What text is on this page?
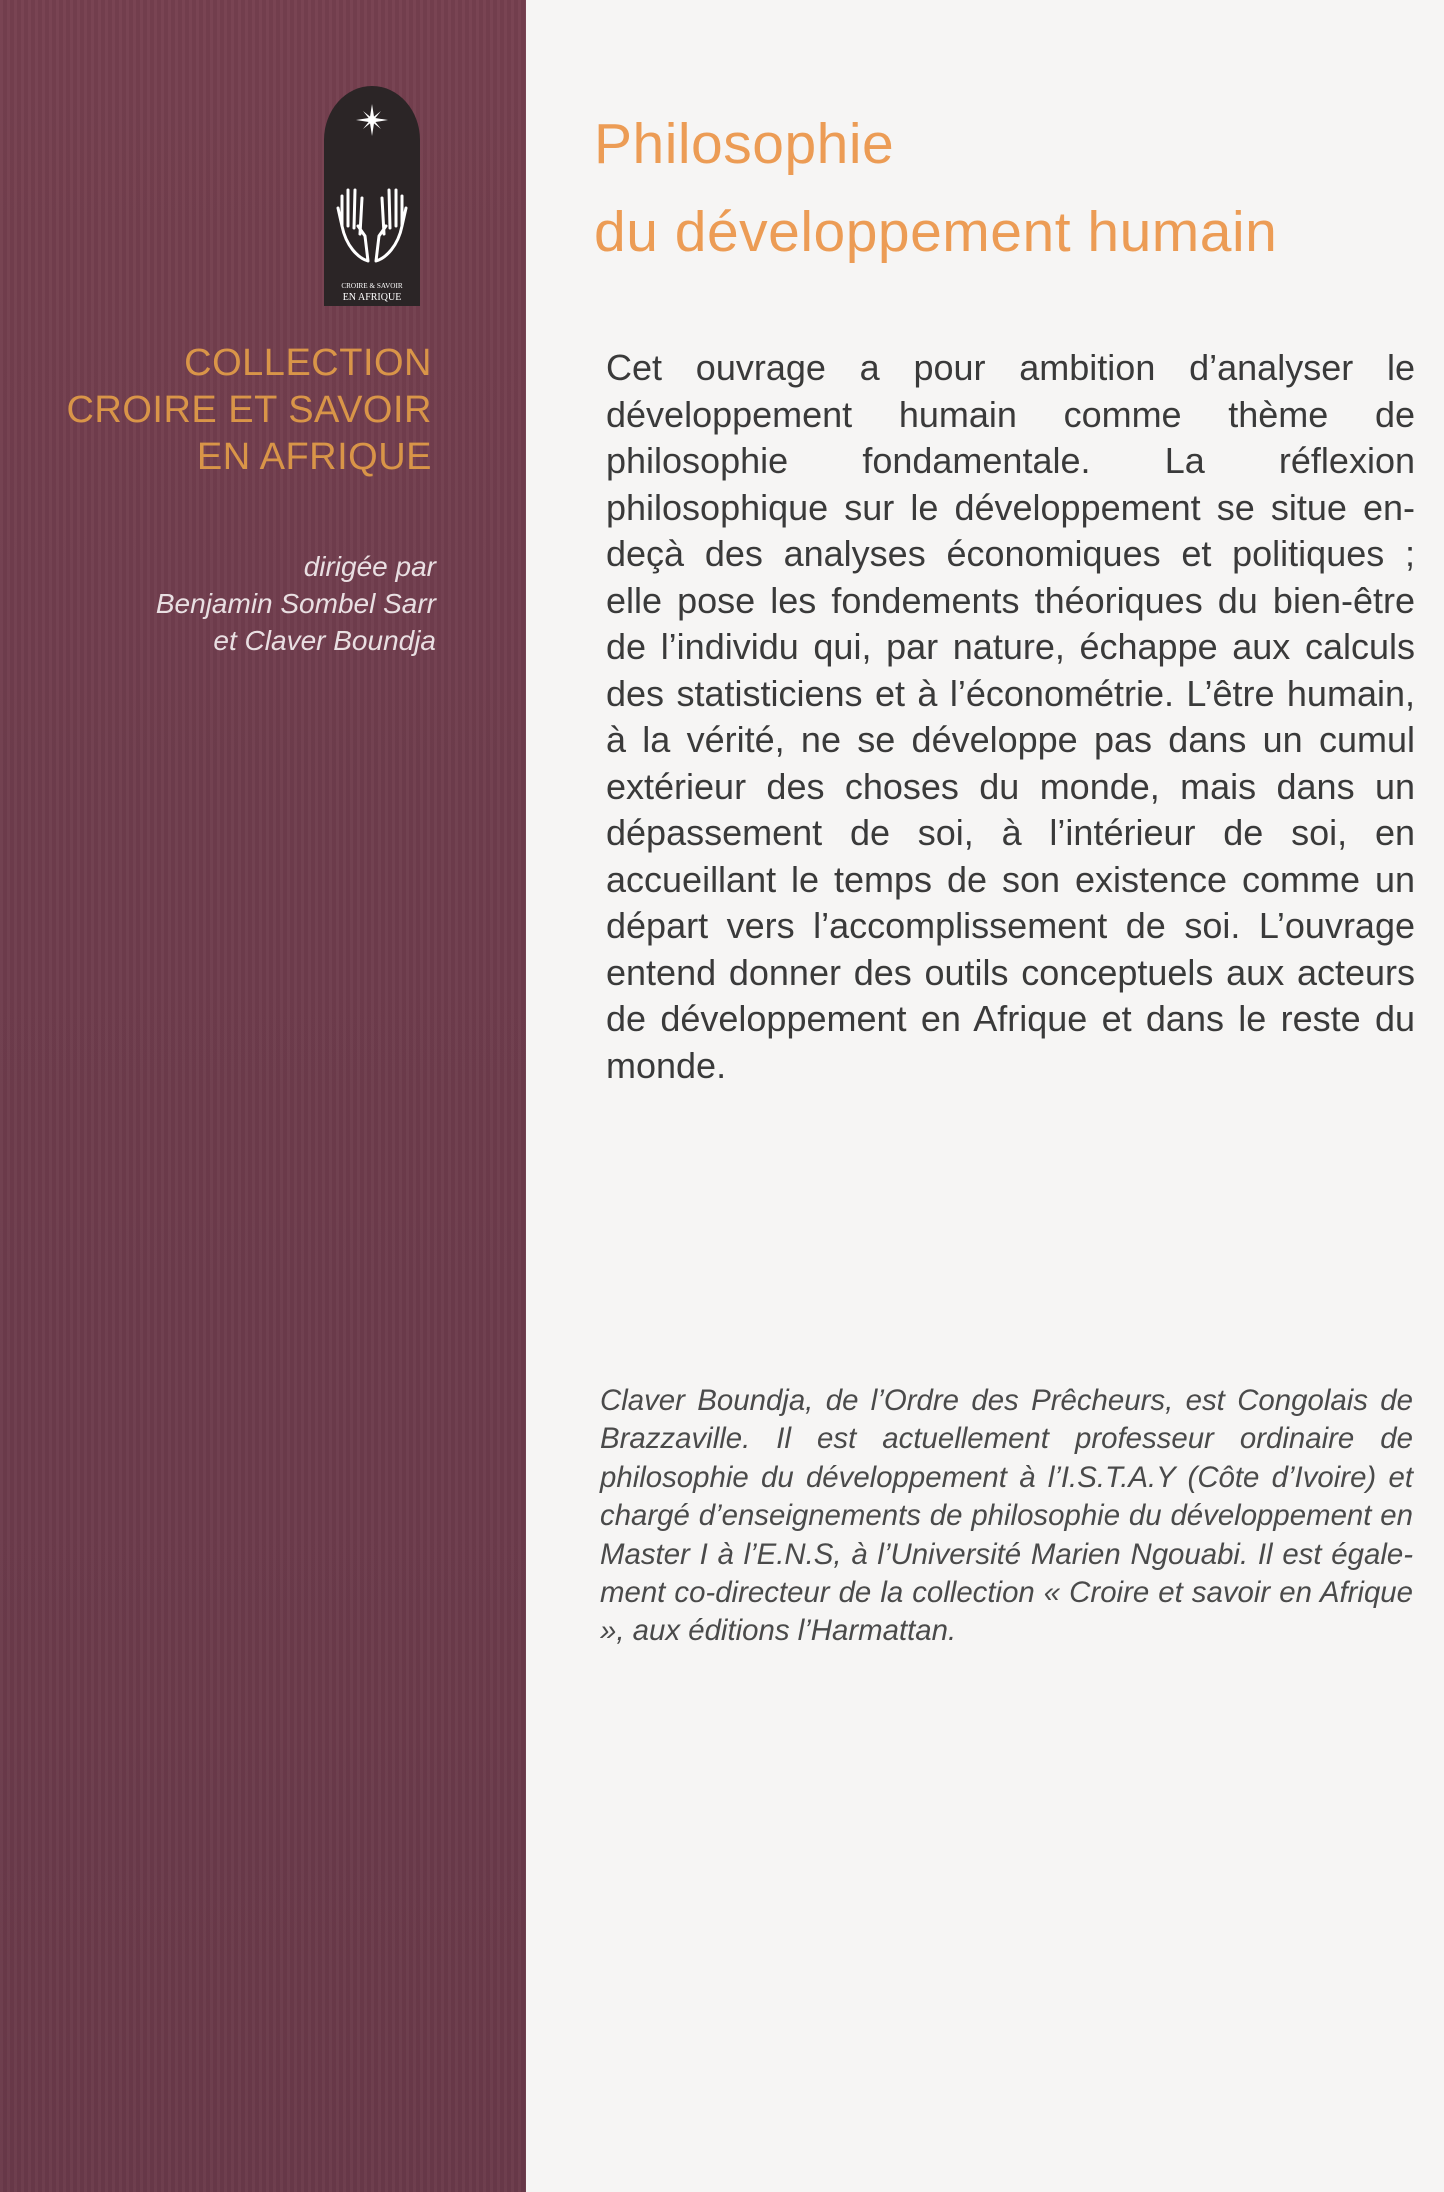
CROIRE & SAVOIR
EN AFRIQUE
COLLECTION
CROIRE ET SAVOIR
EN AFRIQUE
dirigée par
Benjamin Sombel Sarr
et Claver Boundja
Philosophie
du développement humain
Cet ouvrage a pour ambition d’analyser le développement humain comme thème de philosophie fondamentale. La réflexion philosophique sur le développement se situe en-deçà des analyses économiques et politiques ; elle pose les fondements théoriques du bien-être de l’individu qui, par nature, échappe aux calculs des statisticiens et à l’économétrie. L’être humain, à la vérité, ne se développe pas dans un cumul extérieur des choses du monde, mais dans un dépassement de soi, à l’intérieur de soi, en accueillant le temps de son existence comme un départ vers l’accomplissement de soi. L’ouvrage entend donner des outils conceptuels aux acteurs de développement en Afrique et dans le reste du monde.
Claver Boundja, de l’Ordre des Prêcheurs, est Congolais de Brazzaville. Il est actuellement professeur ordinaire de philosophie du développement à l’I.S.T.A.Y (Côte d’Ivoire) et chargé d’enseignements de philosophie du développement en Master I à l’E.N.S, à l’Université Marien Ngouabi. Il est également co-directeur de la collection « Croire et savoir en Afrique », aux éditions l’Harmattan.
